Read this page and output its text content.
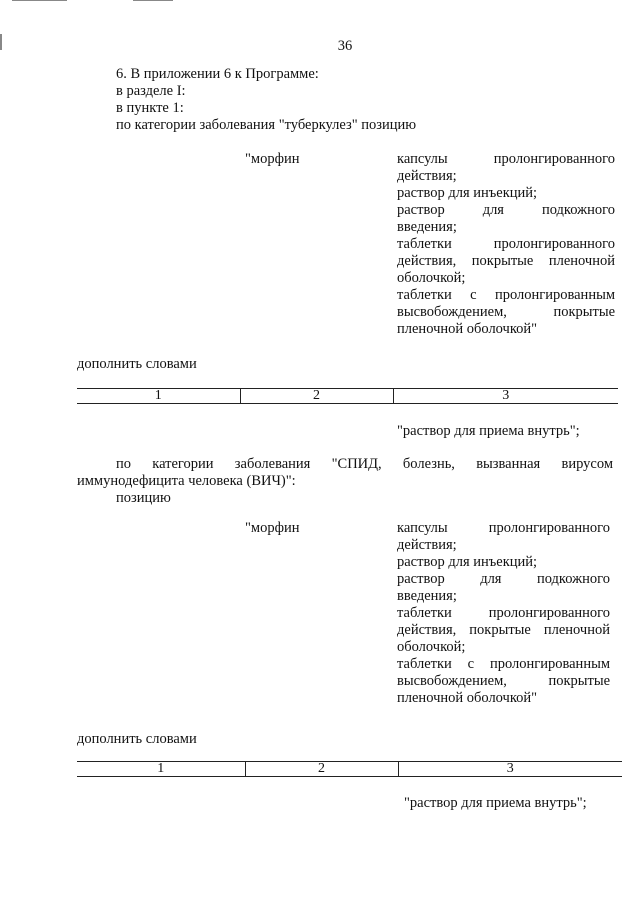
36
6. В приложении 6 к Программе:
в разделе I:
в пункте 1:
по категории заболевания "туберкулез" позицию
"морфин	капсулы пролонгированного
действия;
раствор для инъекций;
раствор для подкожного
введения;
таблетки пролонгированного
действия, покрытые пленочной
оболочкой;
таблетки с пролонгированным
высвобождением, покрытые
пленочной оболочкой"
дополнить словами
1	2	3
"раствор для приема внутрь";
по категории заболевания "СПИД, болезнь, вызванная вирусом
иммунодефицита человека (ВИЧ)":
позицию
"морфин	капсулы пролонгированного
действия;
раствор для инъекций;
раствор для подкожного
введения;
таблетки пролонгированного
действия, покрытые пленочной
оболочкой;
таблетки с пролонгированным
высвобождением, покрытые
пленочной оболочкой"
дополнить словами
1	2	3
"раствор для приема внутрь";
